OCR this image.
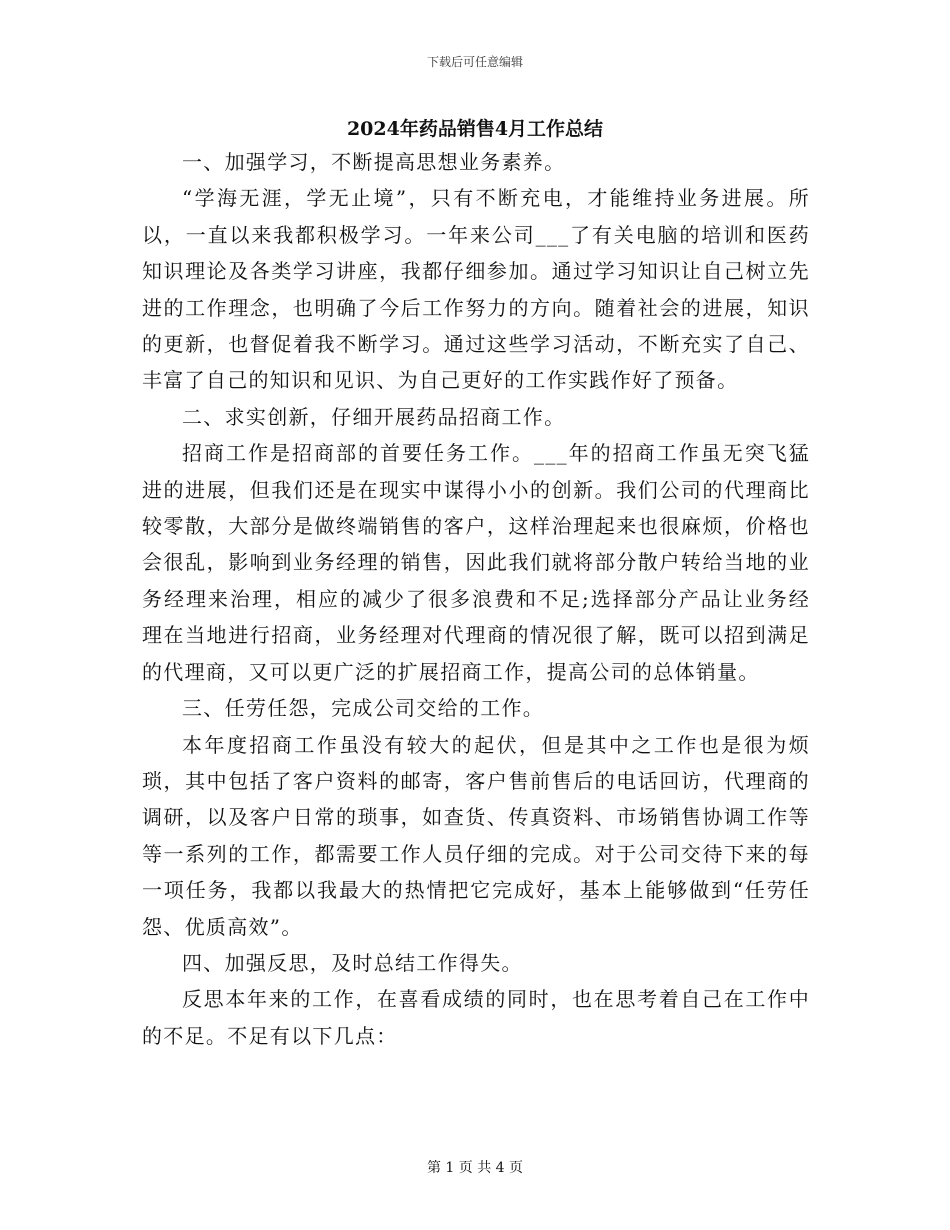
下载后可任意编辑
2024年药品销售4月工作总结

一、加强学习，不断提高思想业务素养。

“学海无涯，学无止境”，只有不断充电，才能维持业务进展。所以，一直以来我都积极学习。一年来公司___了有关电脑的培训和医药知识理论及各类学习讲座，我都仔细参加。通过学习知识让自己树立先进的工作理念，也明确了今后工作努力的方向。随着社会的进展，知识的更新，也督促着我不断学习。通过这些学习活动，不断充实了自己、丰富了自己的知识和见识、为自己更好的工作实践作好了预备。

二、求实创新，仔细开展药品招商工作。

招商工作是招商部的首要任务工作。___年的招商工作虽无突飞猛进的进展，但我们还是在现实中谋得小小的创新。我们公司的代理商比较零散，大部分是做终端销售的客户，这样治理起来也很麻烦，价格也会很乱，影响到业务经理的销售，因此我们就将部分散户转给当地的业务经理来治理，相应的减少了很多浪费和不足;选择部分产品让业务经理在当地进行招商，业务经理对代理商的情况很了解，既可以招到满足的代理商，又可以更广泛的扩展招商工作，提高公司的总体销量。

三、任劳任怨，完成公司交给的工作。

本年度招商工作虽没有较大的起伏，但是其中之工作也是很为烦琐，其中包括了客户资料的邮寄，客户售前售后的电话回访，代理商的调研，以及客户日常的琐事，如查货、传真资料、市场销售协调工作等等一系列的工作，都需要工作人员仔细的完成。对于公司交待下来的每一项任务，我都以我最大的热情把它完成好，基本上能够做到“任劳任怨、优质高效”。

四、加强反思，及时总结工作得失。

反思本年来的工作，在喜看成绩的同时，也在思考着自己在工作中的不足。不足有以下几点：

第 1 页 共 4 页
